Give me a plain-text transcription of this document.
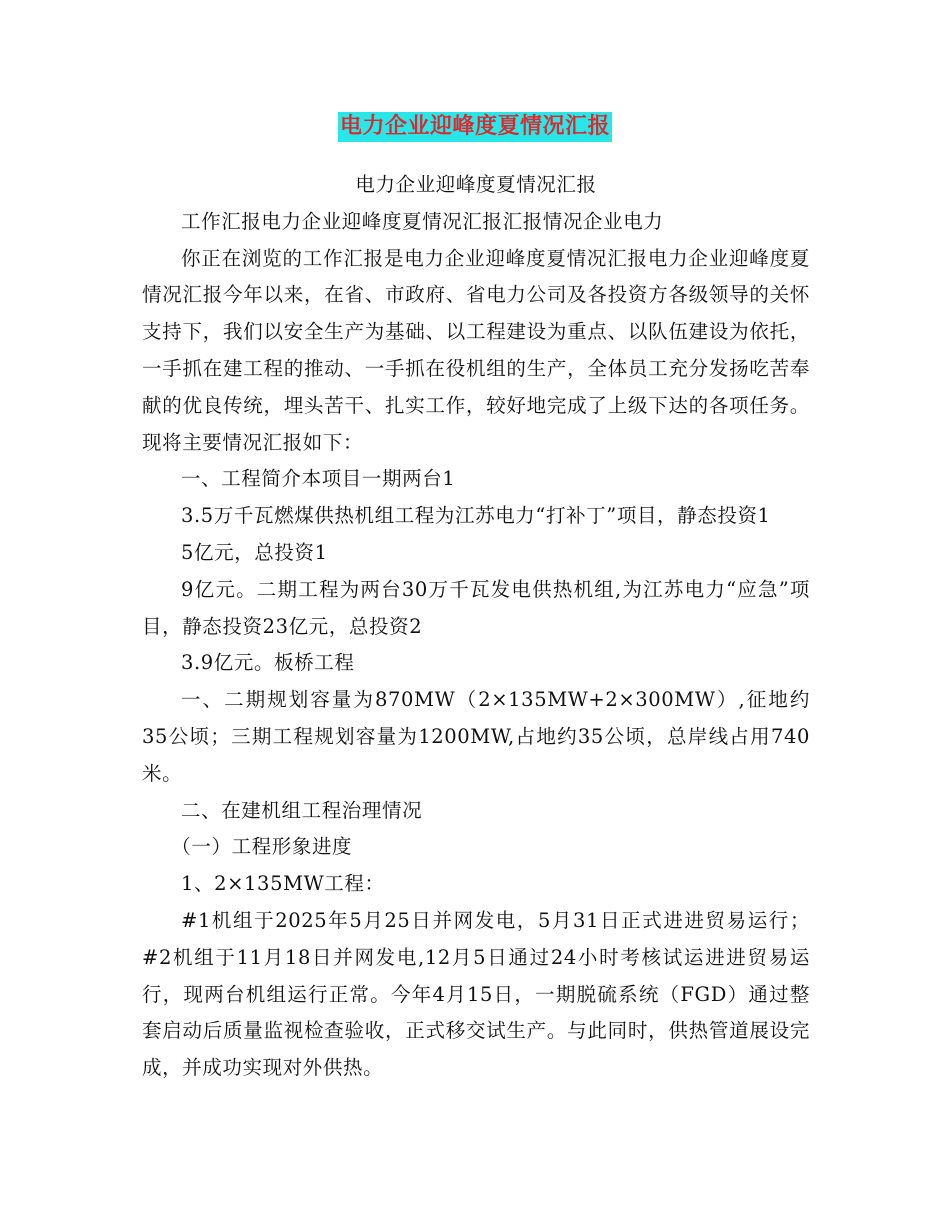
电力企业迎峰度夏情况汇报

电力企业迎峰度夏情况汇报

工作汇报电力企业迎峰度夏情况汇报汇报情况企业电力

你正在浏览的工作汇报是电力企业迎峰度夏情况汇报电力企业迎峰度夏情况汇报今年以来，在省、市政府、省电力公司及各投资方各级领导的关怀支持下，我们以安全生产为基础、以工程建设为重点、以队伍建设为依托，一手抓在建工程的推动、一手抓在役机组的生产，全体员工充分发扬吃苦奉献的优良传统，埋头苦干、扎实工作，较好地完成了上级下达的各项任务。现将主要情况汇报如下：

一、工程简介本项目一期两台1

3.5万千瓦燃煤供热机组工程为江苏电力“打补丁”项目，静态投资1

5亿元，总投资1

9亿元。二期工程为两台30万千瓦发电供热机组,为江苏电力“应急”项目，静态投资23亿元，总投资2

3.9亿元。板桥工程

一、二期规划容量为870MW（2×135MW+2×300MW）,征地约35公顷；三期工程规划容量为1200MW,占地约35公顷，总岸线占用740米。

二、在建机组工程治理情况

（一）工程形象进度

1、2×135MW工程：

#1机组于2025年5月25日并网发电，5月31日正式进进贸易运行；#2机组于11月18日并网发电,12月5日通过24小时考核试运进进贸易运行，现两台机组运行正常。今年4月15日，一期脱硫系统（FGD）通过整套启动后质量监视检查验收，正式移交试生产。与此同时，供热管道展设完成，并成功实现对外供热。
